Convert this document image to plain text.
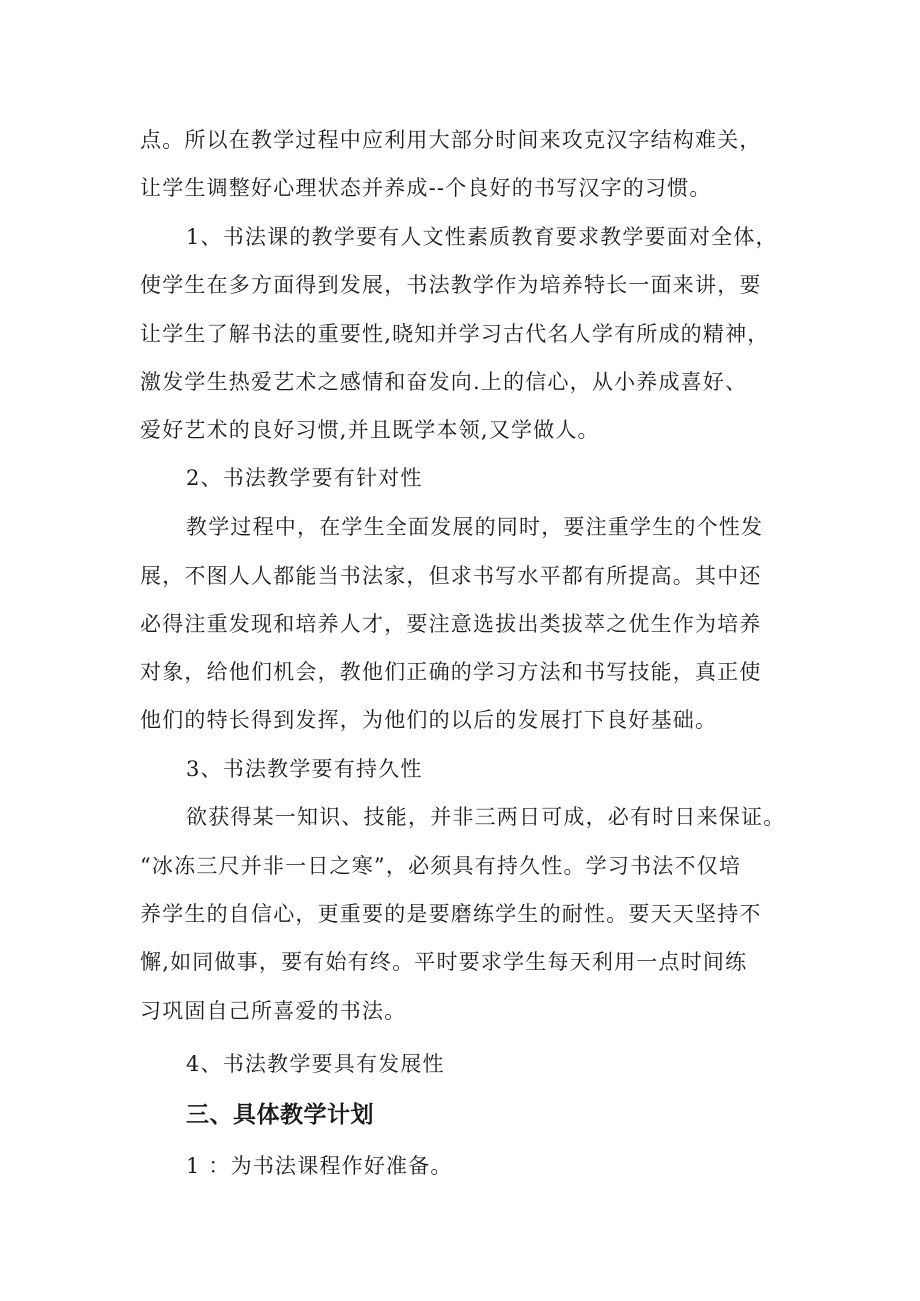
点。所以在教学过程中应利用大部分时间来攻克汉字结构难关，
让学生调整好心理状态并养成--个良好的书写汉字的习惯。
1、书法课的教学要有人文性素质教育要求教学要面对全体，
使学生在多方面得到发展，书法教学作为培养特长一面来讲，要
让学生了解书法的重要性,晓知并学习古代名人学有所成的精神，
激发学生热爱艺术之感情和奋发向.上的信心，从小养成喜好、
爱好艺术的良好习惯,并且既学本领,又学做人。
2、书法教学要有针对性
教学过程中，在学生全面发展的同时，要注重学生的个性发
展，不图人人都能当书法家，但求书写水平都有所提高。其中还
必得注重发现和培养人才，要注意选拔出类拔萃之优生作为培养
对象，给他们机会，教他们正确的学习方法和书写技能，真正使
他们的特长得到发挥，为他们的以后的发展打下良好基础。
3、书法教学要有持久性
欲获得某一知识、技能，并非三两日可成，必有时日来保证。
“冰冻三尺并非一日之寒”，必须具有持久性。学习书法不仅培
养学生的自信心，更重要的是要磨练学生的耐性。要天天坚持不
懈,如同做事，要有始有终。平时要求学生每天利用一点时间练
习巩固自己所喜爱的书法。
4、书法教学要具有发展性
三、具体教学计划
1 ：为书法课程作好准备。
